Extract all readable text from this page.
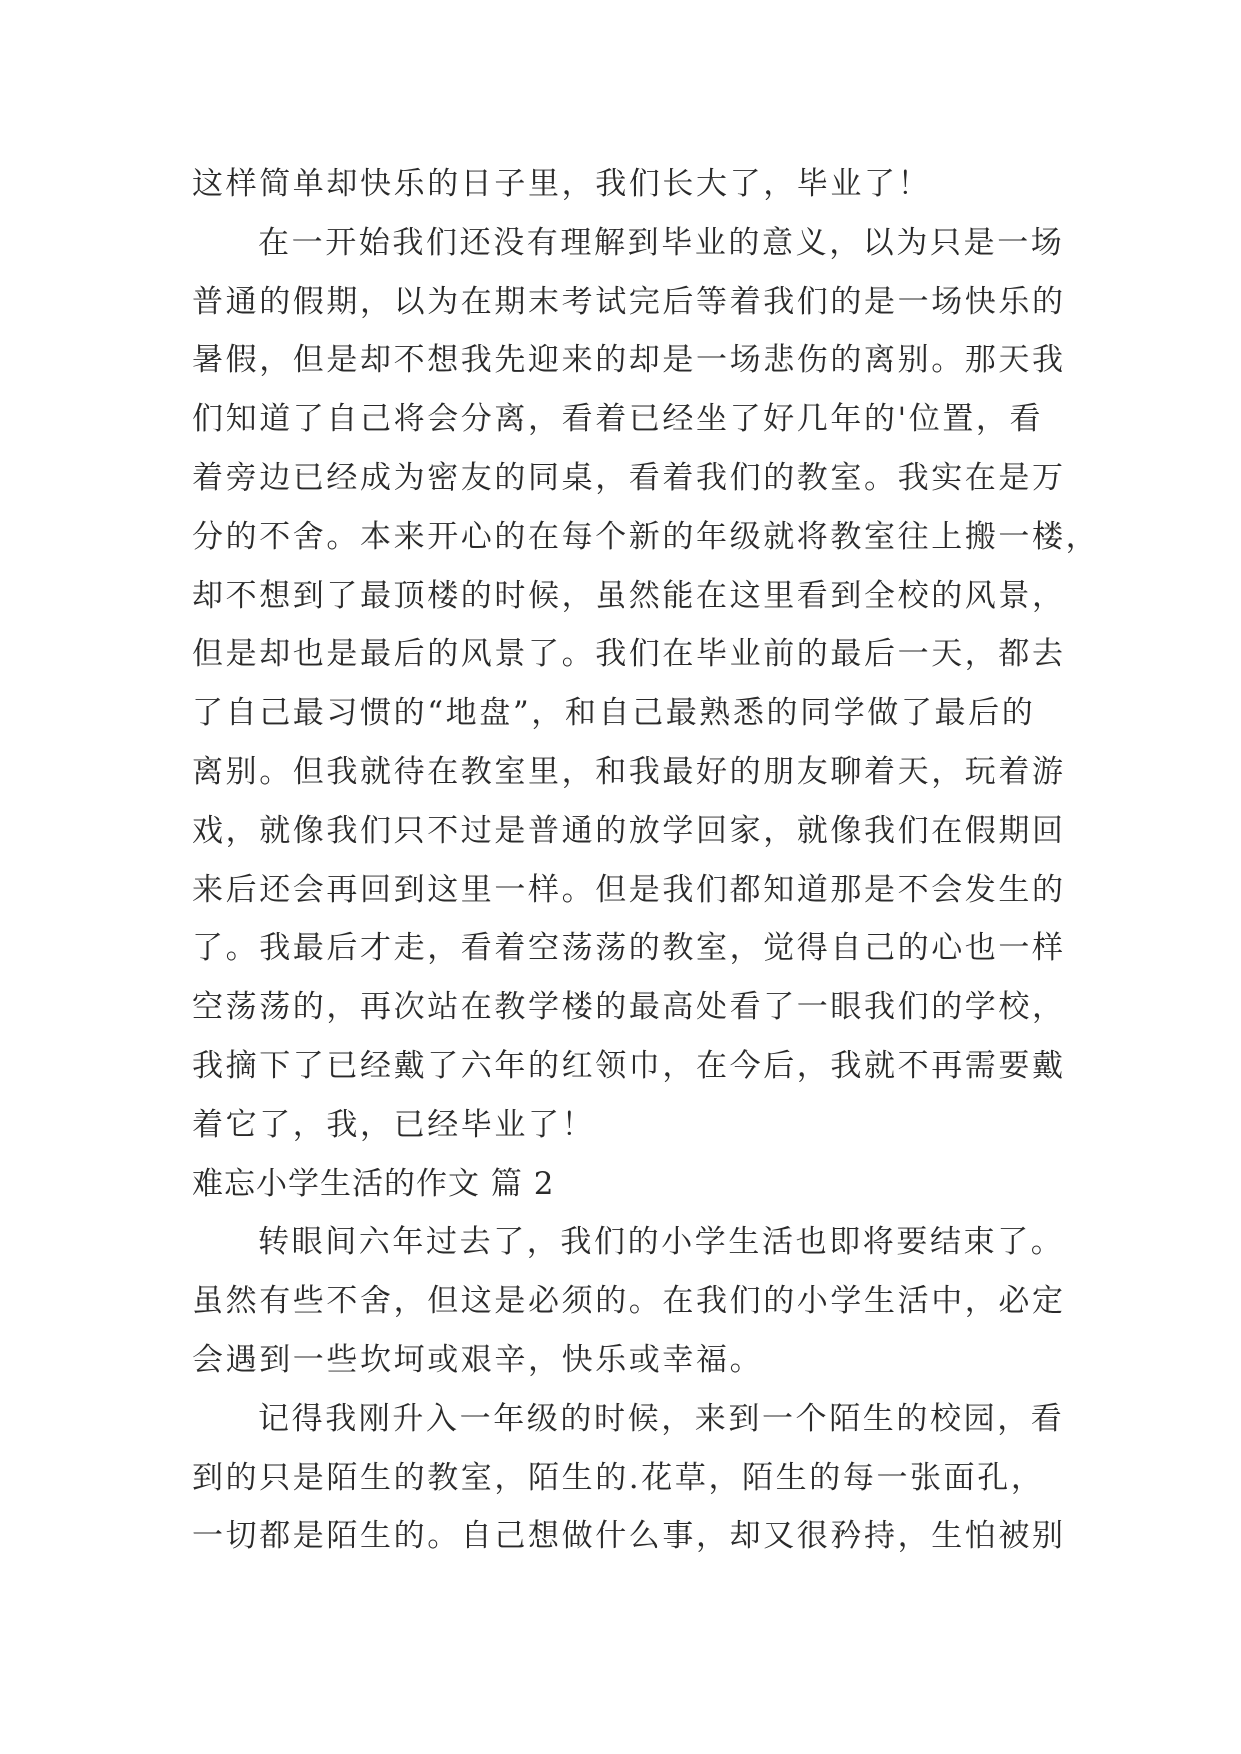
这样简单却快乐的日子里，我们长大了，毕业了！
在一开始我们还没有理解到毕业的意义，以为只是一场
普通的假期，以为在期末考试完后等着我们的是一场快乐的
暑假，但是却不想我先迎来的却是一场悲伤的离别。那天我
们知道了自己将会分离，看着已经坐了好几年的'位置，看
着旁边已经成为密友的同桌，看着我们的教室。我实在是万
分的不舍。本来开心的在每个新的年级就将教室往上搬一楼，
却不想到了最顶楼的时候，虽然能在这里看到全校的风景，
但是却也是最后的风景了。我们在毕业前的最后一天，都去
了自己最习惯的“地盘”，和自己最熟悉的同学做了最后的
离别。但我就待在教室里，和我最好的朋友聊着天，玩着游
戏，就像我们只不过是普通的放学回家，就像我们在假期回
来后还会再回到这里一样。但是我们都知道那是不会发生的
了。我最后才走，看着空荡荡的教室，觉得自己的心也一样
空荡荡的，再次站在教学楼的最高处看了一眼我们的学校，
我摘下了已经戴了六年的红领巾，在今后，我就不再需要戴
着它了，我，已经毕业了！
难忘小学生活的作文 篇 2
转眼间六年过去了，我们的小学生活也即将要结束了。
虽然有些不舍，但这是必须的。在我们的小学生活中，必定
会遇到一些坎坷或艰辛，快乐或幸福。
记得我刚升入一年级的时候，来到一个陌生的校园，看
到的只是陌生的教室，陌生的.花草，陌生的每一张面孔，
一切都是陌生的。自己想做什么事，却又很矜持，生怕被别
